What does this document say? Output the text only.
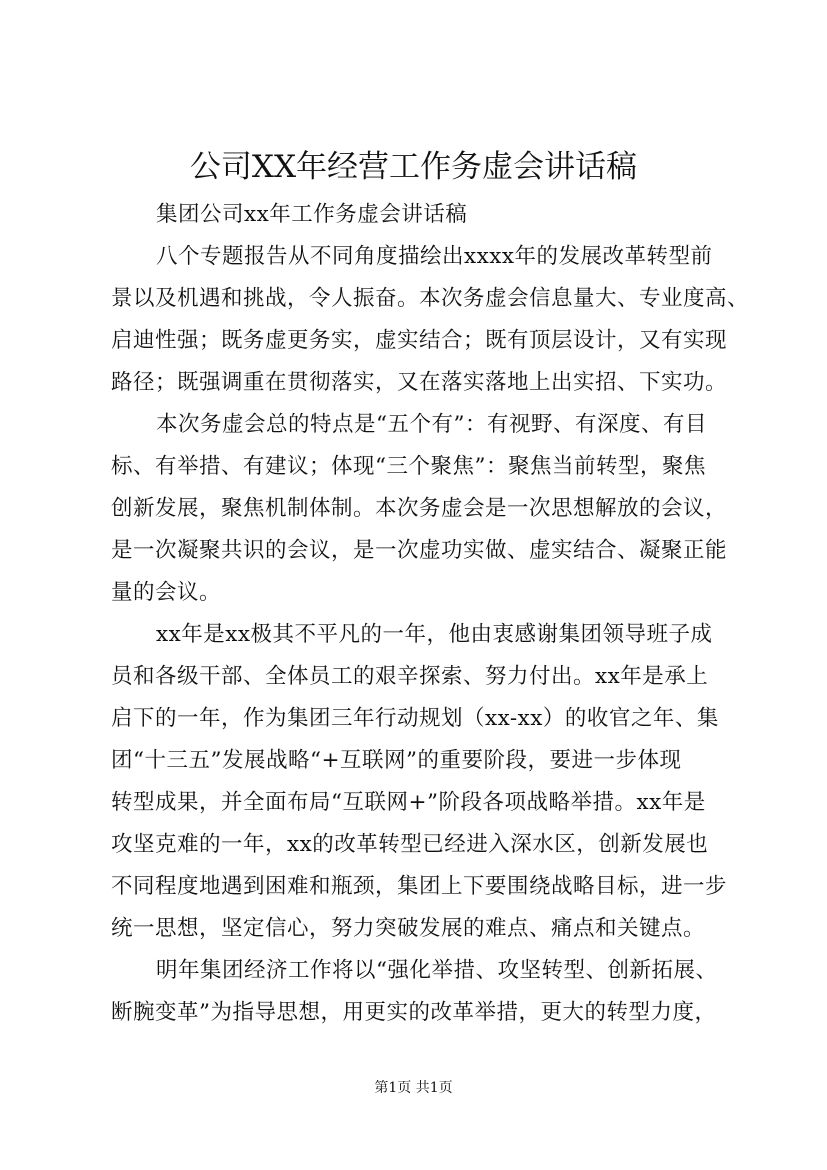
公司XX年经营工作务虚会讲话稿
集团公司xx年工作务虚会讲话稿
八个专题报告从不同角度描绘出xxxx年的发展改革转型前
景以及机遇和挑战，令人振奋。本次务虚会信息量大、专业度高、
启迪性强；既务虚更务实，虚实结合；既有顶层设计，又有实现
路径；既强调重在贯彻落实，又在落实落地上出实招、下实功。
本次务虚会总的特点是“五个有”：有视野、有深度、有目
标、有举措、有建议；体现“三个聚焦”：聚焦当前转型，聚焦
创新发展，聚焦机制体制。本次务虚会是一次思想解放的会议，
是一次凝聚共识的会议，是一次虚功实做、虚实结合、凝聚正能
量的会议。
xx年是xx极其不平凡的一年，他由衷感谢集团领导班子成
员和各级干部、全体员工的艰辛探索、努力付出。xx年是承上
启下的一年，作为集团三年行动规划（xx-xx）的收官之年、集
团“十三五”发展战略“+互联网”的重要阶段，要进一步体现
转型成果，并全面布局“互联网+”阶段各项战略举措。xx年是
攻坚克难的一年，xx的改革转型已经进入深水区，创新发展也
不同程度地遇到困难和瓶颈，集团上下要围绕战略目标，进一步
统一思想，坚定信心，努力突破发展的难点、痛点和关键点。
明年集团经济工作将以“强化举措、攻坚转型、创新拓展、
断腕变革”为指导思想，用更实的改革举措，更大的转型力度，
第1页 共1页
